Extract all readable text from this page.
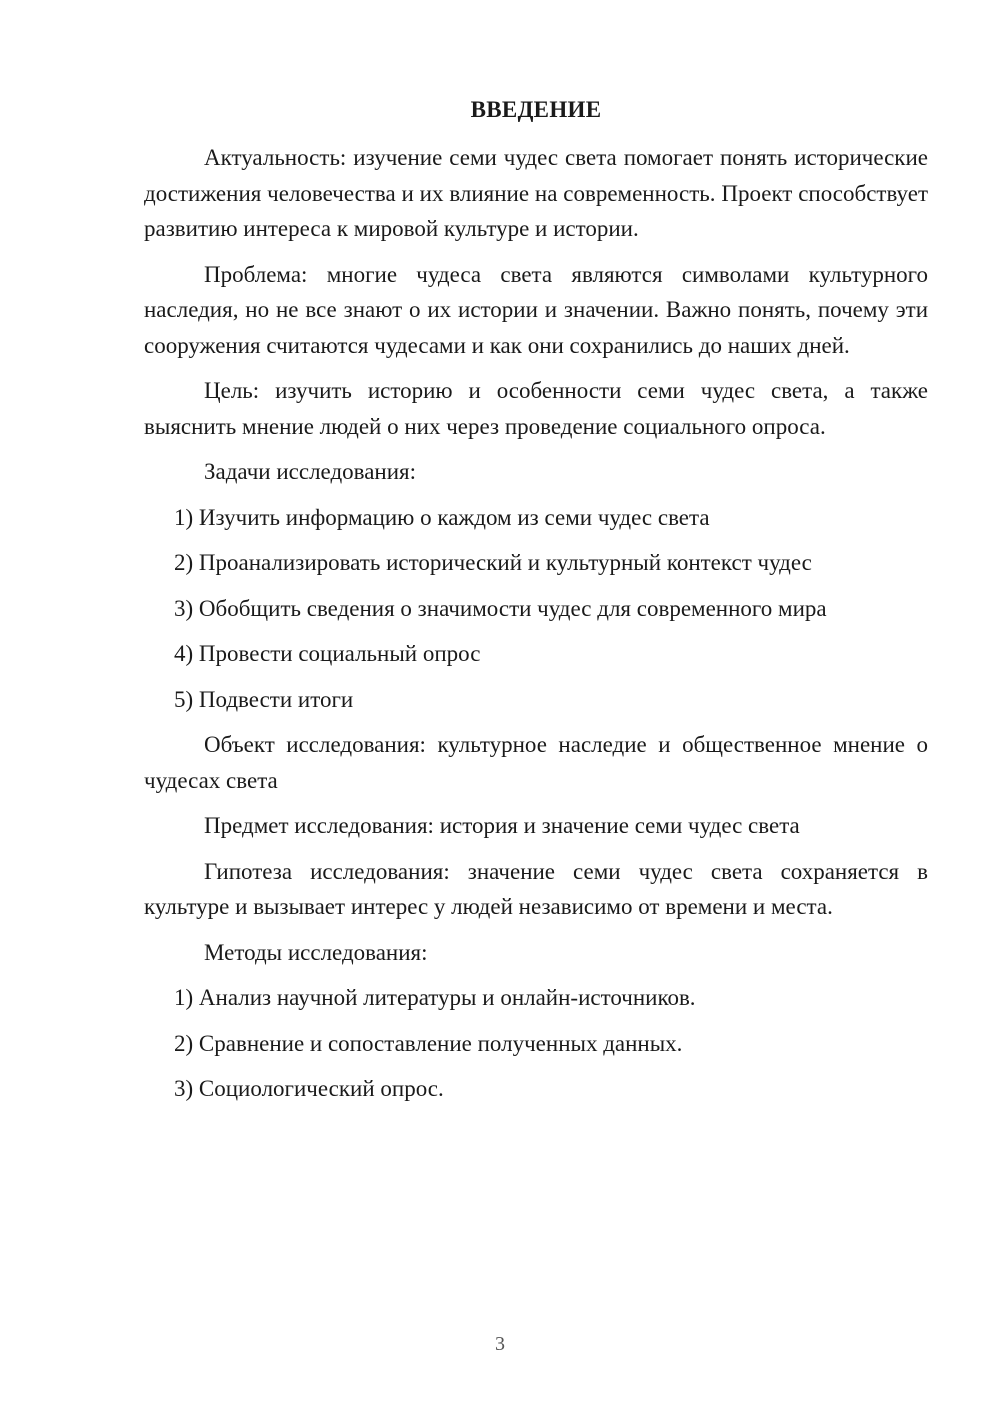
ВВЕДЕНИЕ

Актуальность: изучение семи чудес света помогает понять исторические достижения человечества и их влияние на современность. Проект способствует развитию интереса к мировой культуре и истории.

Проблема: многие чудеса света являются символами культурного наследия, но не все знают о их истории и значении. Важно понять, почему эти сооружения считаются чудесами и как они сохранились до наших дней.

Цель: изучить историю и особенности семи чудес света, а также выяснить мнение людей о них через проведение социального опроса.

Задачи исследования:

1) Изучить информацию о каждом из семи чудес света
2) Проанализировать исторический и культурный контекст чудес
3) Обобщить сведения о значимости чудес для современного мира
4) Провести социальный опрос
5) Подвести итоги

Объект исследования: культурное наследие и общественное мнение о чудесах света

Предмет исследования: история и значение семи чудес света

Гипотеза исследования: значение семи чудес света сохраняется в культуре и вызывает интерес у людей независимо от времени и места.

Методы исследования:

1) Анализ научной литературы и онлайн-источников.
2) Сравнение и сопоставление полученных данных.
3) Социологический опрос.
3
